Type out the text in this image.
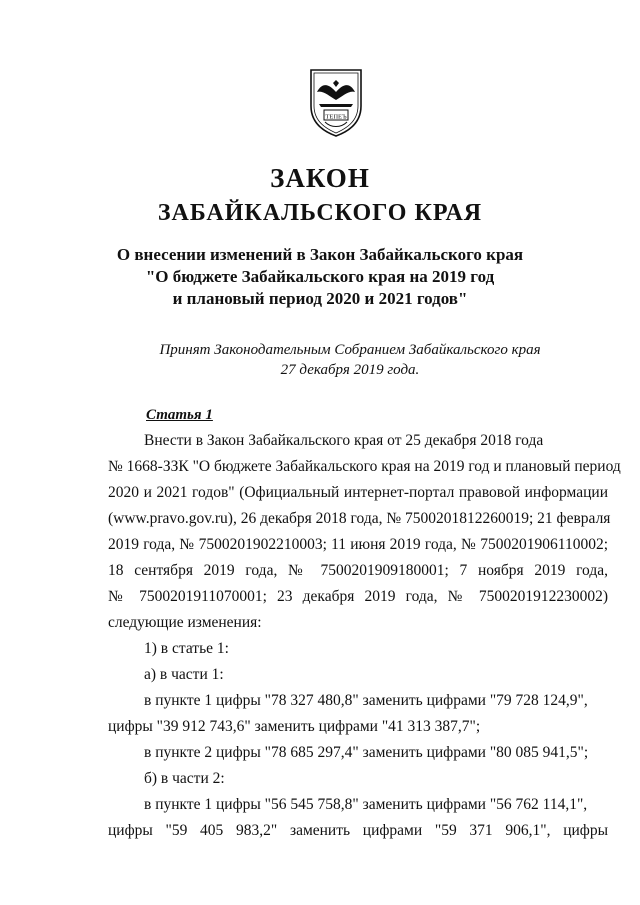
ТЕПЕЪ
ЗАКОН
ЗАБАЙКАЛЬСКОГО КРАЯ
О внесении изменений в Закон Забайкальского края
"О бюджете Забайкальского края на 2019 год
и плановый период 2020 и 2021 годов"
Принят Законодательным Собранием Забайкальского края
27 декабря 2019 года.
Статья 1
Внести в Закон Забайкальского края от 25 декабря 2018 года
№ 1668-ЗЗК "О бюджете Забайкальского края на 2019 год и плановый период
2020 и 2021 годов" (Официальный интернет-портал правовой информации
(www.pravo.gov.ru), 26 декабря 2018 года, № 7500201812260019; 21 февраля
2019 года, № 7500201902210003; 11 июня 2019 года, № 7500201906110002;
18 сентября 2019 года, № 7500201909180001; 7 ноября 2019 года,
№ 7500201911070001; 23 декабря 2019 года, № 7500201912230002)
следующие изменения:
1) в статье 1:
а) в части 1:
в пункте 1 цифры "78 327 480,8" заменить цифрами "79 728 124,9",
цифры "39 912 743,6" заменить цифрами "41 313 387,7";
в пункте 2 цифры "78 685 297,4" заменить цифрами "80 085 941,5";
б) в части 2:
в пункте 1 цифры "56 545 758,8" заменить цифрами "56 762 114,1",
цифры "59 405 983,2" заменить цифрами "59 371 906,1", цифры
